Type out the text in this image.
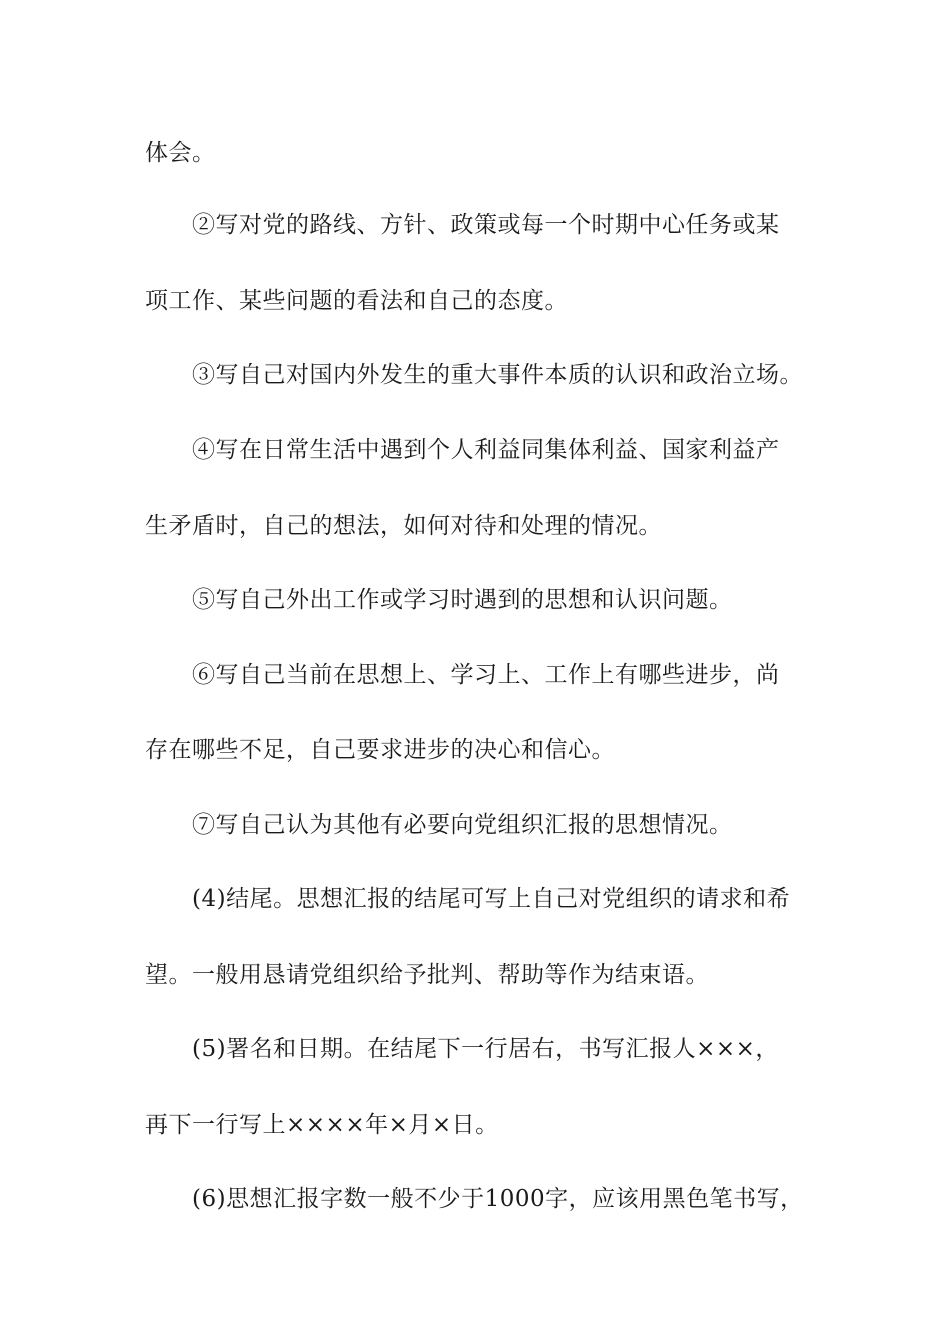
体会。
②写对党的路线、方针、政策或每一个时期中心任务或某
项工作、某些问题的看法和自己的态度。
③写自己对国内外发生的重大事件本质的认识和政治立场。
④写在日常生活中遇到个人利益同集体利益、国家利益产
生矛盾时，自己的想法，如何对待和处理的情况。
⑤写自己外出工作或学习时遇到的思想和认识问题。
⑥写自己当前在思想上、学习上、工作上有哪些进步，尚
存在哪些不足，自己要求进步的决心和信心。
⑦写自己认为其他有必要向党组织汇报的思想情况。
(4)结尾。思想汇报的结尾可写上自己对党组织的请求和希
望。一般用恳请党组织给予批判、帮助等作为结束语。
(5)署名和日期。在结尾下一行居右，书写汇报人×××，
再下一行写上××××年×月×日。
(6)思想汇报字数一般不少于1000字，应该用黑色笔书写，
